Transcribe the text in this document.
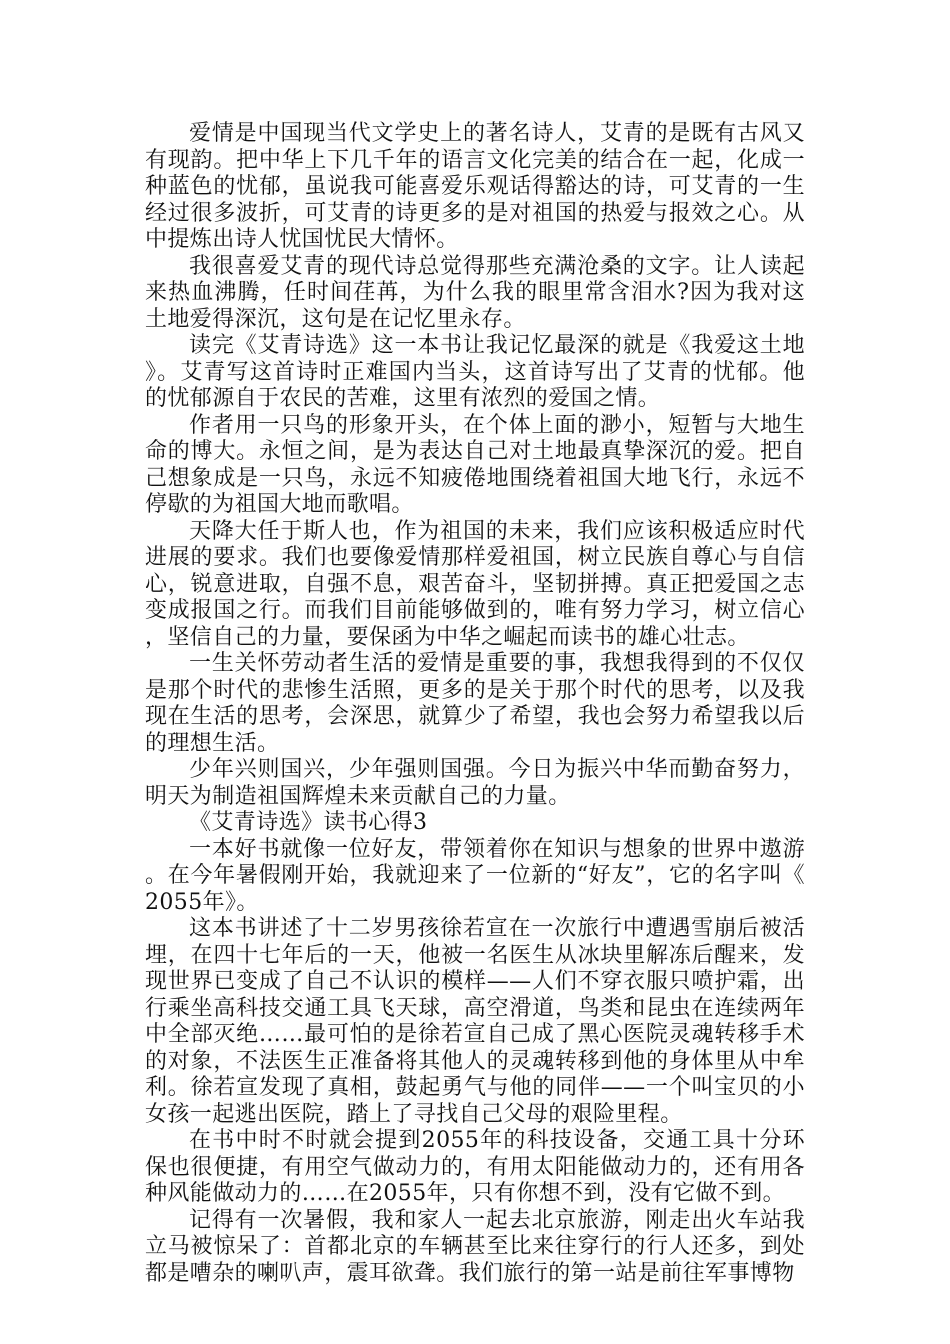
爱情是中国现当代文学史上的著名诗人，艾青的是既有古风又有现韵。把中华上下几千年的语言文化完美的结合在一起，化成一种蓝色的忧郁，虽说我可能喜爱乐观话得豁达的诗，可艾青的一生经过很多波折，可艾青的诗更多的是对祖国的热爱与报效之心。从中提炼出诗人忧国忧民大情怀。

我很喜爱艾青的现代诗总觉得那些充满沧桑的文字。让人读起来热血沸腾，任时间荏苒，为什么我的眼里常含泪水?因为我对这土地爱得深沉，这句是在记忆里永存。

读完《艾青诗选》这一本书让我记忆最深的就是《我爱这土地》。艾青写这首诗时正难国内当头，这首诗写出了艾青的忧郁。他的忧郁源自于农民的苦难，这里有浓烈的爱国之情。

作者用一只鸟的形象开头，在个体上面的渺小，短暂与大地生命的博大。永恒之间，是为表达自己对土地最真挚深沉的爱。把自己想象成是一只鸟，永远不知疲倦地围绕着祖国大地飞行，永远不停歇的为祖国大地而歌唱。

天降大任于斯人也，作为祖国的未来，我们应该积极适应时代进展的要求。我们也要像爱情那样爱祖国，树立民族自尊心与自信心，锐意进取，自强不息，艰苦奋斗，坚韧拼搏。真正把爱国之志变成报国之行。而我们目前能够做到的，唯有努力学习，树立信心，坚信自己的力量，要保函为中华之崛起而读书的雄心壮志。

一生关怀劳动者生活的爱情是重要的事，我想我得到的不仅仅是那个时代的悲惨生活照，更多的是关于那个时代的思考，以及我现在生活的思考，会深思，就算少了希望，我也会努力希望我以后的理想生活。

少年兴则国兴，少年强则国强。今日为振兴中华而勤奋努力，明天为制造祖国辉煌未来贡献自己的力量。

《艾青诗选》读书心得3

一本好书就像一位好友，带领着你在知识与想象的世界中遨游。在今年暑假刚开始，我就迎来了一位新的“好友”，它的名字叫《2055年》。

这本书讲述了十二岁男孩徐若宣在一次旅行中遭遇雪崩后被活埋，在四十七年后的一天，他被一名医生从冰块里解冻后醒来，发现世界已变成了自己不认识的模样——人们不穿衣服只喷护霜，出行乘坐高科技交通工具飞天球，高空滑道，鸟类和昆虫在连续两年中全部灭绝……最可怕的是徐若宣自己成了黑心医院灵魂转移手术的对象，不法医生正准备将其他人的灵魂转移到他的身体里从中牟利。徐若宣发现了真相，鼓起勇气与他的同伴——一个叫宝贝的小女孩一起逃出医院，踏上了寻找自己父母的艰险里程。

在书中时不时就会提到2055年的科技设备，交通工具十分环保也很便捷，有用空气做动力的，有用太阳能做动力的，还有用各种风能做动力的……在2055年，只有你想不到，没有它做不到。

记得有一次暑假，我和家人一起去北京旅游，刚走出火车站我立马被惊呆了：首都北京的车辆甚至比来往穿行的行人还多，到处都是嘈杂的喇叭声，震耳欲聋。我们旅行的第一站是前往军事博物
